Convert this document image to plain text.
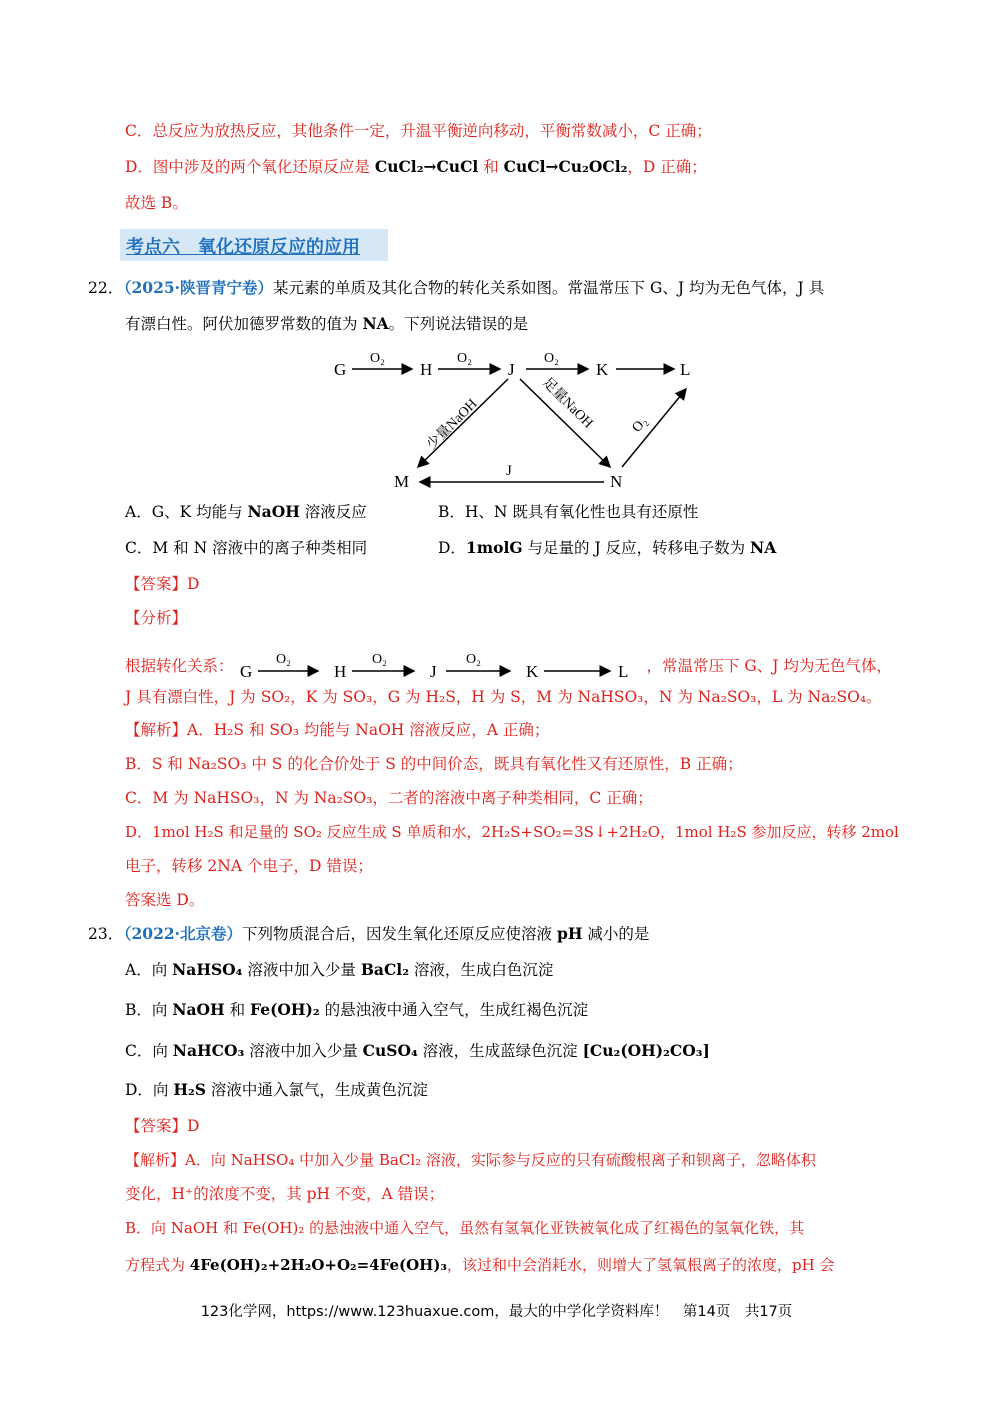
C．总反应为放热反应，其他条件一定，升温平衡逆向移动，平衡常数减小，C 正确；
D．图中涉及的两个氧化还原反应是 CuCl₂→CuCl 和 CuCl→Cu₂OCl₂，D 正确；
故选 B。
考点六　氧化还原反应的应用
22．
（2025·陕晋青宁卷）某元素的单质及其化合物的转化关系如图。常温常压下 G、J 均为无色气体，J 具
有漂白性。阿伏加德罗常数的值为 NA。下列说法错误的是
G	H	J	K	L
M	N
O₂	O₂	O₂
少量NaOH	足量NaOH O₂
J
A．G、K 均能与 NaOH 溶液反应	B．H、N 既具有氧化性也具有还原性
C．M 和 N 溶液中的离子种类相同	D．1molG 与足量的 J 反应，转移电子数为 NA
【答案】D
【分析】
根据转化关系： G
O₂
H
O₂
J
O₂
K	L ，常温常压下 G、J 均为无色气体，
J 具有漂白性，J 为 SO₂，K 为 SO₃，G 为 H₂S，H 为 S，M 为 NaHSO₃，N 为 Na₂SO₃，L 为 Na₂SO₄。
【解析】A．H₂S 和 SO₃ 均能与 NaOH 溶液反应，A 正确；
B．S 和 Na₂SO₃ 中 S 的化合价处于 S 的中间价态，既具有氧化性又有还原性，B 正确；
C．M 为 NaHSO₃，N 为 Na₂SO₃，二者的溶液中离子种类相同，C 正确；
D．1mol H₂S 和足量的 SO₂ 反应生成 S 单质和水，2H₂S+SO₂=3S↓+2H₂O，1mol H₂S 参加反应，转移 2mol
电子，转移 2NA 个电子，D 错误；
答案选 D。
23．
（2022·北京卷）下列物质混合后，因发生氧化还原反应使溶液 pH 减小的是
A．向 NaHSO₄ 溶液中加入少量 BaCl₂ 溶液，生成白色沉淀
B．向 NaOH 和 Fe(OH)₂ 的悬浊液中通入空气，生成红褐色沉淀
C．向 NaHCO₃ 溶液中加入少量 CuSO₄ 溶液，生成蓝绿色沉淀 [Cu₂(OH)₂CO₃]
D．向 H₂S 溶液中通入氯气，生成黄色沉淀
【答案】D
【解析】A．向 NaHSO₄ 中加入少量 BaCl₂ 溶液，实际参与反应的只有硫酸根离子和钡离子，忽略体积
变化，H⁺的浓度不变，其 pH 不变，A 错误；
B．向 NaOH 和 Fe(OH)₂ 的悬浊液中通入空气，虽然有氢氧化亚铁被氧化成了红褐色的氢氧化铁，其
方程式为 4Fe(OH)₂+2H₂O+O₂=4Fe(OH)₃，该过和中会消耗水，则增大了氢氧根离子的浓度，pH 会
123化学网，https://www.123huaxue.com，最大的中学化学资料库！　第14页　共17页
